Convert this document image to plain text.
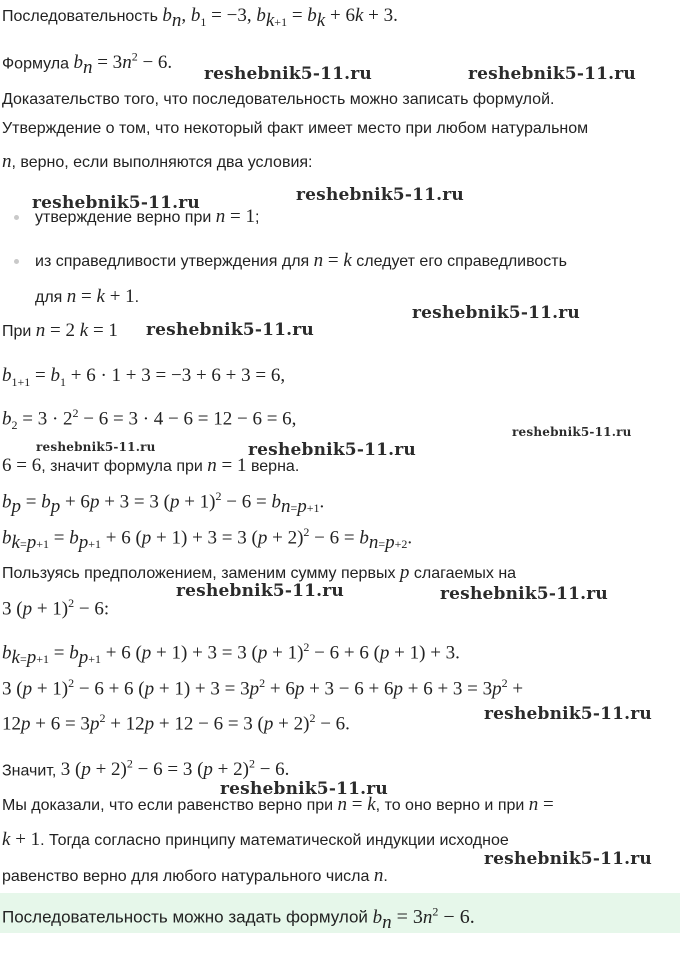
Последовательность $b_n$, $b_1 = -3$, $b_{k+1} = b_k + 6k + 3$.
Формула $b_n = 3n^2 - 6$.
Доказательство того, что последовательность можно записать формулой.
Утверждение о том, что некоторый факт имеет место при любом натуральном
n, верно, если выполняются два условия:
утверждение верно при n = 1;
из справедливости утверждения для n = k следует его справедливость
для n = k + 1.
При n = 2 k = 1
$b_{1+1} = b_1 + 6 \cdot 1 + 3 = -3 + 6 + 3 = 6$,
$b_2 = 3 \cdot 2^2 - 6 = 3 \cdot 4 - 6 = 12 - 6 = 6$,
6 = 6, значит формула при n = 1 верна.
$b_p = b_p + 6p + 3 = 3$ $(p + 1)^2 - 6 = b_{n=p+1}$.
$b_{k=p+1} = b_{p+1} + 6$ (p + 1) + 3 = 3 $(p + 2)^2 - 6 = b_{n=p+2}$.
Пользуясь предположением, заменим сумму первых p слагаемых на
3 $(p + 1)^2 - 6$:
$b_{k=p+1} = b_{p+1} + 6$ (p + 1) + 3 = 3 $(p + 1)^2 - 6 + 6$ (p + 1) + 3.
3 $(p + 1)^2 - 6 + 6$ $(p + 1) + 3 = 3p^2 + 6p + 3 - 6 + 6p + 6 + 3 = 3p^2$ +
$12p + 6 = 3p^2 + 12p + 12 - 6 = 3$ $(p + 2)^2 - 6$.
Значит, 3 $(p + 2)^2 - 6 = 3$ $(p + 2)^2 - 6$.
Мы доказали, что если равенство верно при n = k, то оно верно и при n =
k + 1. Тогда согласно принципу математической индукции исходное
равенство верно для любого натурального числа n.
Последовательность можно задать формулой $b_n = 3n^2 - 6$.
reshebnik5-11.ru	reshebnik5-11.ru
reshebnik5-11.ru	reshebnik5-11.ru
reshebnik5-11.ru
reshebnik5-11.ru
reshebnik5-11.ru	reshebnik5-11.ru
reshebnik5-11.ru
reshebnik5-11.ru	reshebnik5-11.ru
reshebnik5-11.ru
reshebnik5-11.ru
reshebnik5-11.ru
